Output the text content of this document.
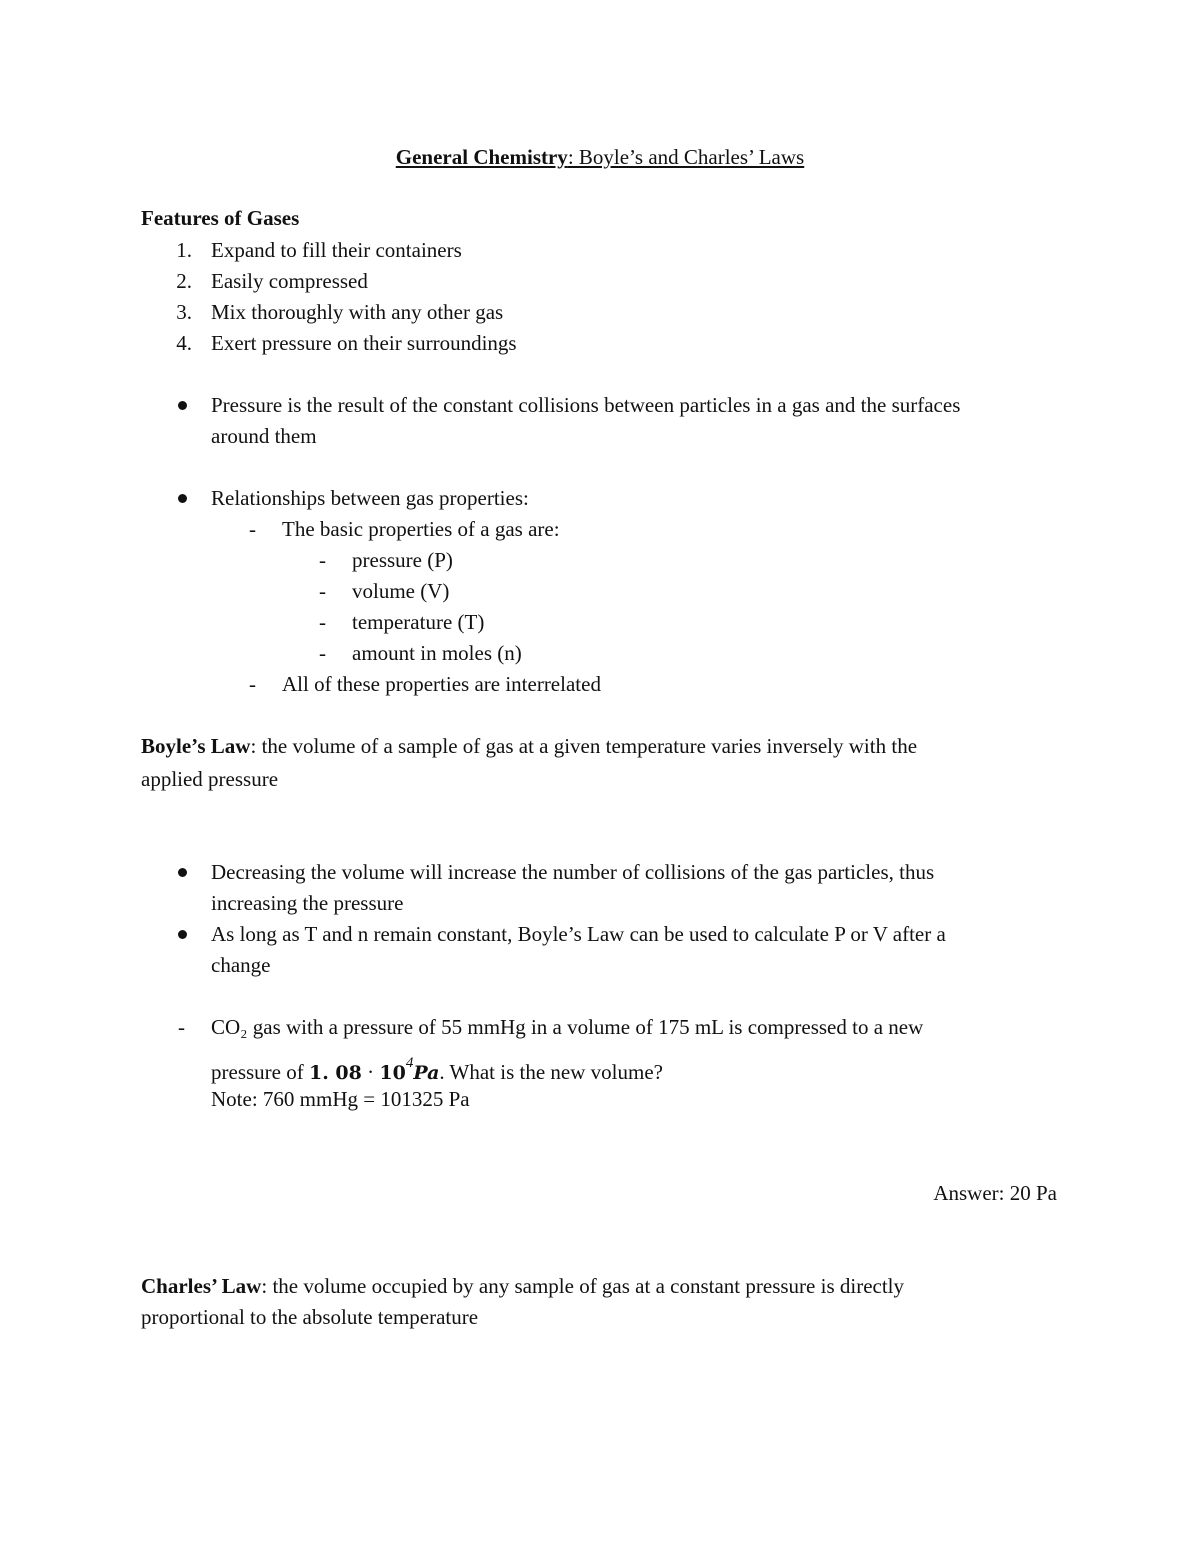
General Chemistry: Boyle’s and Charles’ Laws
Features of Gases
1. Expand to fill their containers
2. Easily compressed
3. Mix thoroughly with any other gas
4. Exert pressure on their surroundings
Pressure is the result of the constant collisions between particles in a gas and the surfaces
around them
Relationships between gas properties:
- The basic properties of a gas are:
- pressure (P)
- volume (V)
- temperature (T)
- amount in moles (n)
- All of these properties are interrelated
Boyle’s Law: the volume of a sample of gas at a given temperature varies inversely with the
applied pressure
Decreasing the volume will increase the number of collisions of the gas particles, thus
increasing the pressure
As long as T and n remain constant, Boyle’s Law can be used to calculate P or V after a
change
- CO₂ gas with a pressure of 55 mmHg in a volume of 175 mL is compressed to a new
pressure of 1. $08 \cdot 10^4Pa$. What is the new volume?
Note: 760 mmHg = 101325 Pa
Answer: 20 Pa
Charles’ Law: the volume occupied by any sample of gas at a constant pressure is directly
proportional to the absolute temperature
